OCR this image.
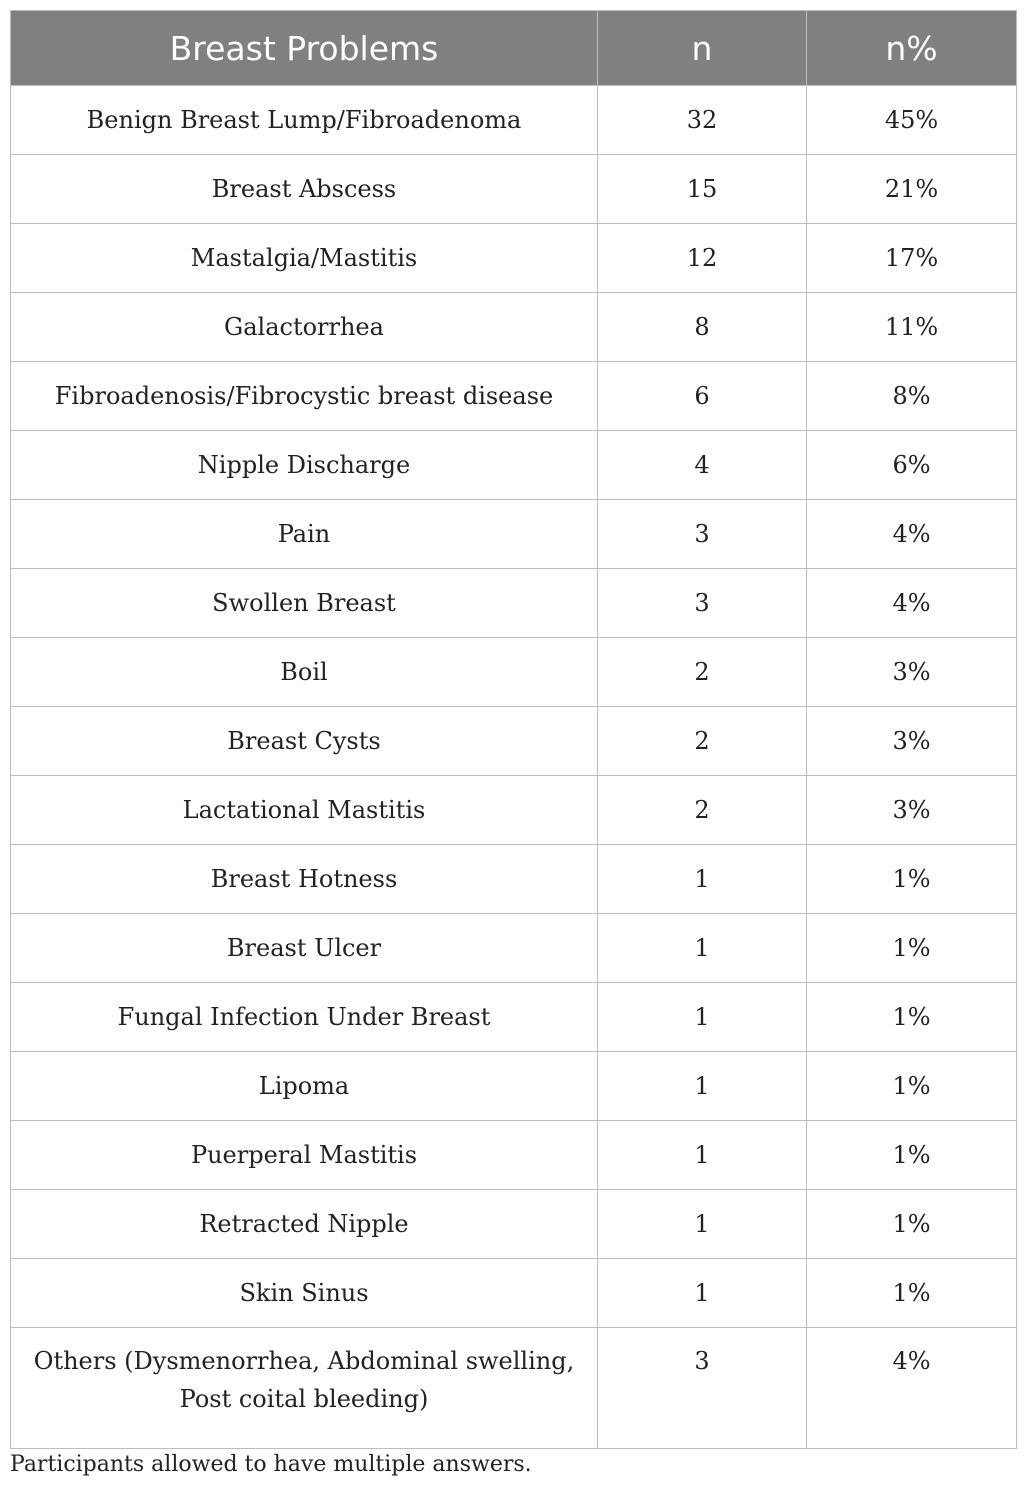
Breast Problems	n	n%
Benign Breast Lump/Fibroadenoma	32	45%
Breast Abscess	15	21%
Mastalgia/Mastitis	12	17%
Galactorrhea	8	11%
Fibroadenosis/Fibrocystic breast disease	6	8%
Nipple Discharge	4	6%
Pain	3	4%
Swollen Breast	3	4%
Boil	2	3%
Breast Cysts	2	3%
Lactational Mastitis	2	3%
Breast Hotness	1	1%
Breast Ulcer	1	1%
Fungal Infection Under Breast	1	1%
Lipoma	1	1%
Puerperal Mastitis	1	1%
Retracted Nipple	1	1%
Skin Sinus	1	1%
Others (Dysmenorrhea, Abdominal swelling, Post coital bleeding)	3	4%
Participants allowed to have multiple answers.
